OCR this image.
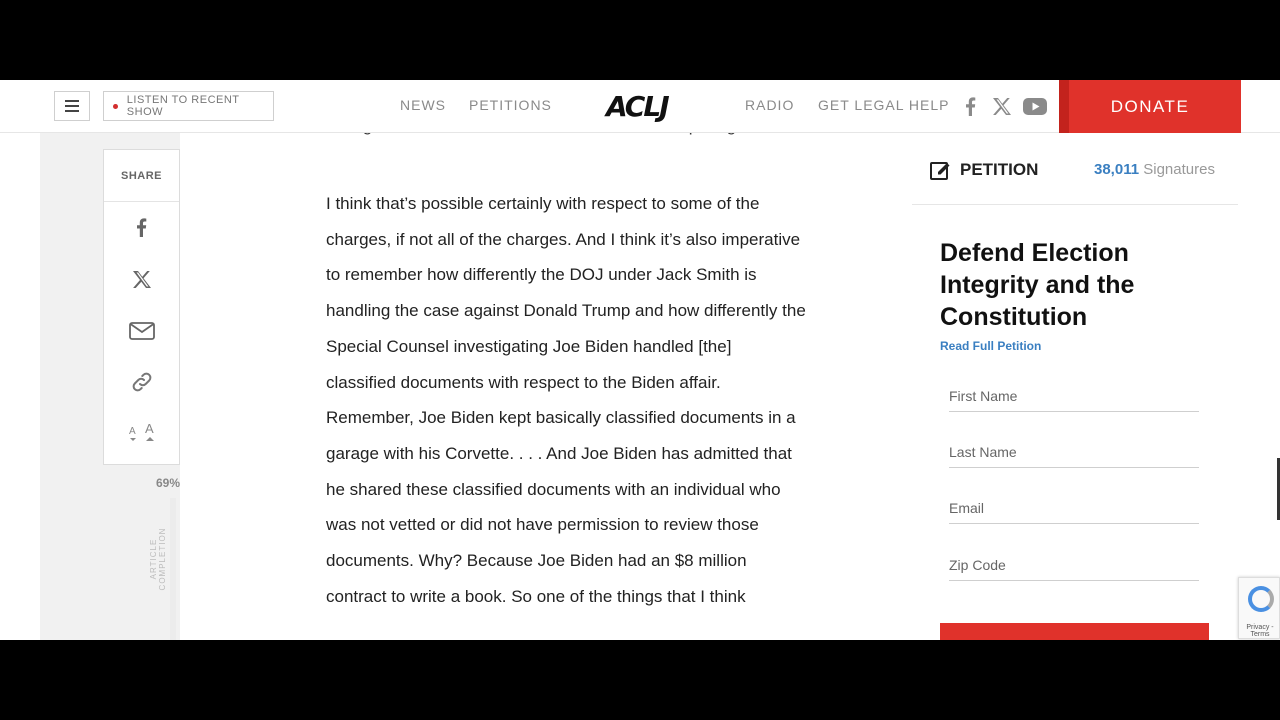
LISTEN TO RECENT SHOW	NEWS PETITIONS ACLJ	RADIO GET LEGAL HELP	DONATE
SHARE
A A
69%
ARTICLE COMPLETION
I think that’s possible certainly with respect to some of the charges, if not all of the charges. And I think it’s also imperative to remember how differently the DOJ under Jack Smith is handling the case against Donald Trump and how differently the Special Counsel investigating Joe Biden handled [the] classified documents with respect to the Biden affair. Remember, Joe Biden kept basically classified documents in a garage with his Corvette. . . . And Joe Biden has admitted that he shared these classified documents with an individual who was not vetted or did not have permission to review those documents. Why? Because Joe Biden had an $8 million contract to write a book. So one of the things that I think
PETITION	38,011 Signatures
Defend Election Integrity and the Constitution
Read Full Petition
First Name
Last Name
Email
Zip Code
Privacy - Terms
